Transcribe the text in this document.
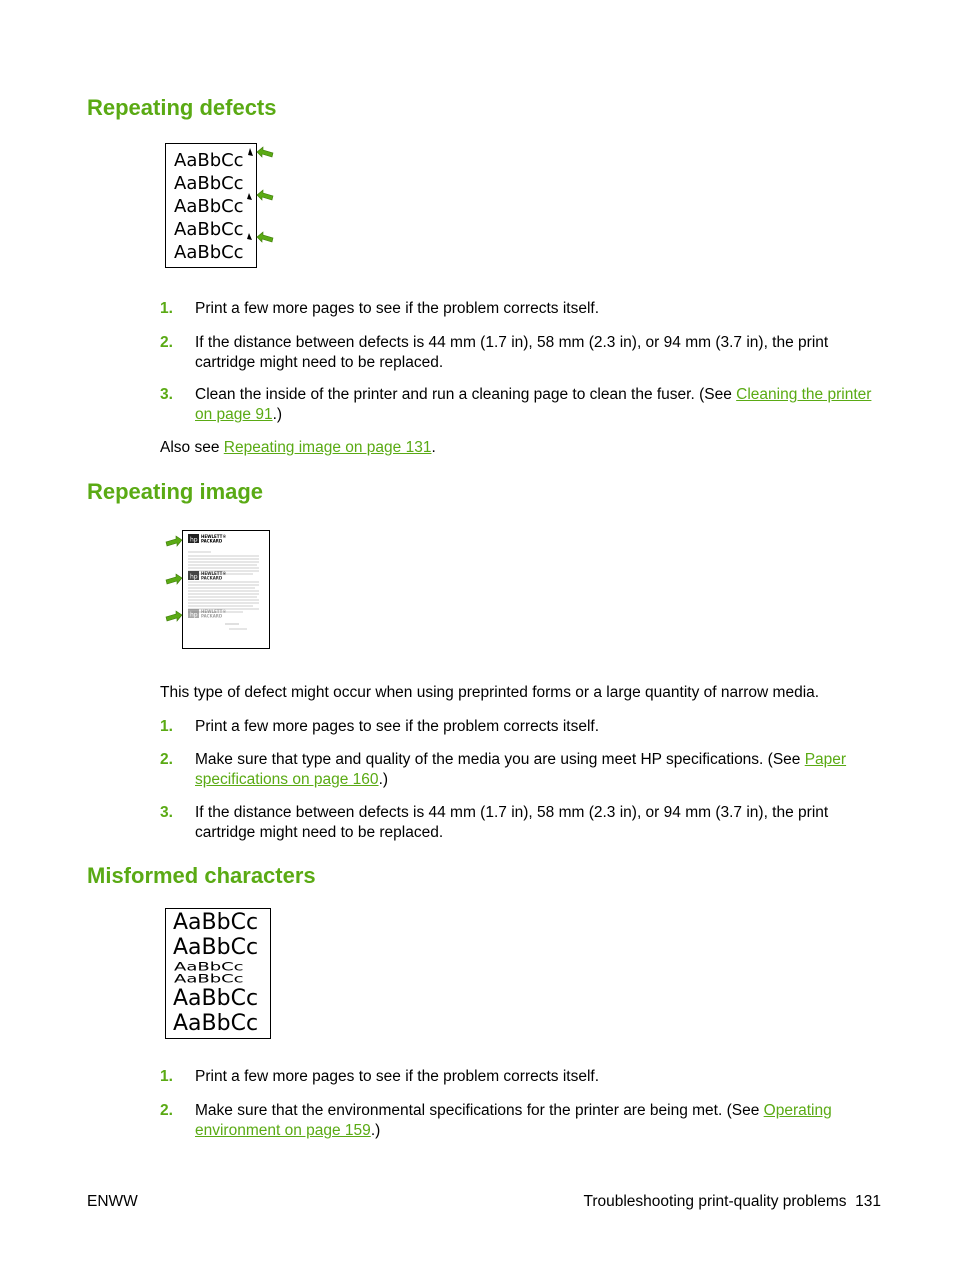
Repeating defects
AaBbCc
AaBbCc
AaBbCc
AaBbCc
AaBbCc
1. Print a few more pages to see if the problem corrects itself.
2. If the distance between defects is 44 mm (1.7 in), 58 mm (2.3 in), or 94 mm (3.7 in), the print cartridge might need to be replaced.
3. Clean the inside of the printer and run a cleaning page to clean the fuser. (See Cleaning the printer on page 91.)
Also see Repeating image on page 131.
Repeating image
hp HEWLETT®
PACKARD
hp HEWLETT®
PACKARD
hp HEWLETT®
PACKARD
This type of defect might occur when using preprinted forms or a large quantity of narrow media.
1. Print a few more pages to see if the problem corrects itself.
2. Make sure that type and quality of the media you are using meet HP specifications. (See Paper specifications on page 160.)
3. If the distance between defects is 44 mm (1.7 in), 58 mm (2.3 in), or 94 mm (3.7 in), the print cartridge might need to be replaced.
Misformed characters
AaBbCc
AaBbCc
AaBbCc
AaBbCc
AaBbCc
AaBbCc
1. Print a few more pages to see if the problem corrects itself.
2. Make sure that the environmental specifications for the printer are being met. (See Operating environment on page 159.)
ENWW	Troubleshooting print-quality problems 131
